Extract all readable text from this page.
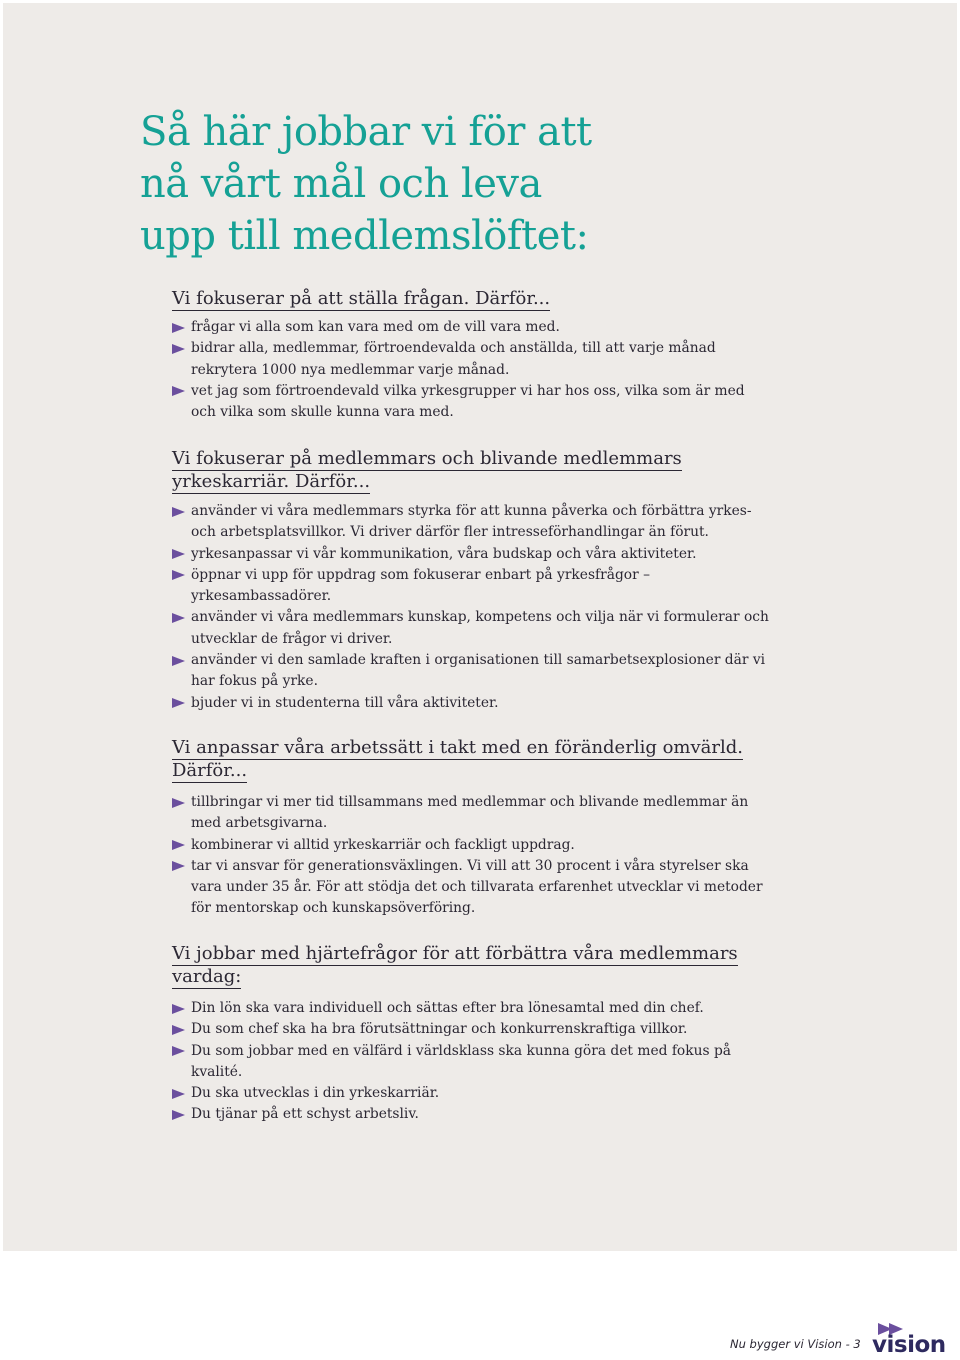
Så här jobbar vi för att
nå vårt mål och leva
upp till medlemslöftet:
Vi fokuserar på att ställa frågan. Därför...
frågar vi alla som kan vara med om de vill vara med.
bidrar alla, medlemmar, förtroendevalda och anställda, till att varje månad rekrytera 1000 nya medlemmar varje månad.
vet jag som förtroendevald vilka yrkesgrupper vi har hos oss, vilka som är med och vilka som skulle kunna vara med.
Vi fokuserar på medlemmars och blivande medlemmars yrkeskarriär. Därför...
använder vi våra medlemmars styrka för att kunna påverka och förbättra yrkes- och arbetsplatsvillkor. Vi driver därför fler intresseförhandlingar än förut.
yrkesanpassar vi vår kommunikation, våra budskap och våra aktiviteter.
öppnar vi upp för uppdrag som fokuserar enbart på yrkesfrågor – yrkesambassadörer.
använder vi våra medlemmars kunskap, kompetens och vilja när vi formulerar och utvecklar de frågor vi driver.
använder vi den samlade kraften i organisationen till samarbetsexplosioner där vi har fokus på yrke.
bjuder vi in studenterna till våra aktiviteter.
Vi anpassar våra arbetssätt i takt med en föränderlig omvärld. Därför...
tillbringar vi mer tid tillsammans med medlemmar och blivande medlemmar än med arbetsgivarna.
kombinerar vi alltid yrkeskarriär och fackligt uppdrag.
tar vi ansvar för generationsväxlingen. Vi vill att 30 procent i våra styrelser ska vara under 35 år. För att stödja det och tillvarata erfarenhet utvecklar vi metoder för mentorskap och kunskapsöverföring.
Vi jobbar med hjärtefrågor för att förbättra våra medlemmars vardag:
Din lön ska vara individuell och sättas efter bra lönesamtal med din chef.
Du som chef ska ha bra förutsättningar och konkurrenskraftiga villkor.
Du som jobbar med en välfärd i världsklass ska kunna göra det med fokus på kvalité.
Du ska utvecklas i din yrkeskarriär.
Du tjänar på ett schyst arbetsliv.
Nu bygger vi Vision - 3 vision
